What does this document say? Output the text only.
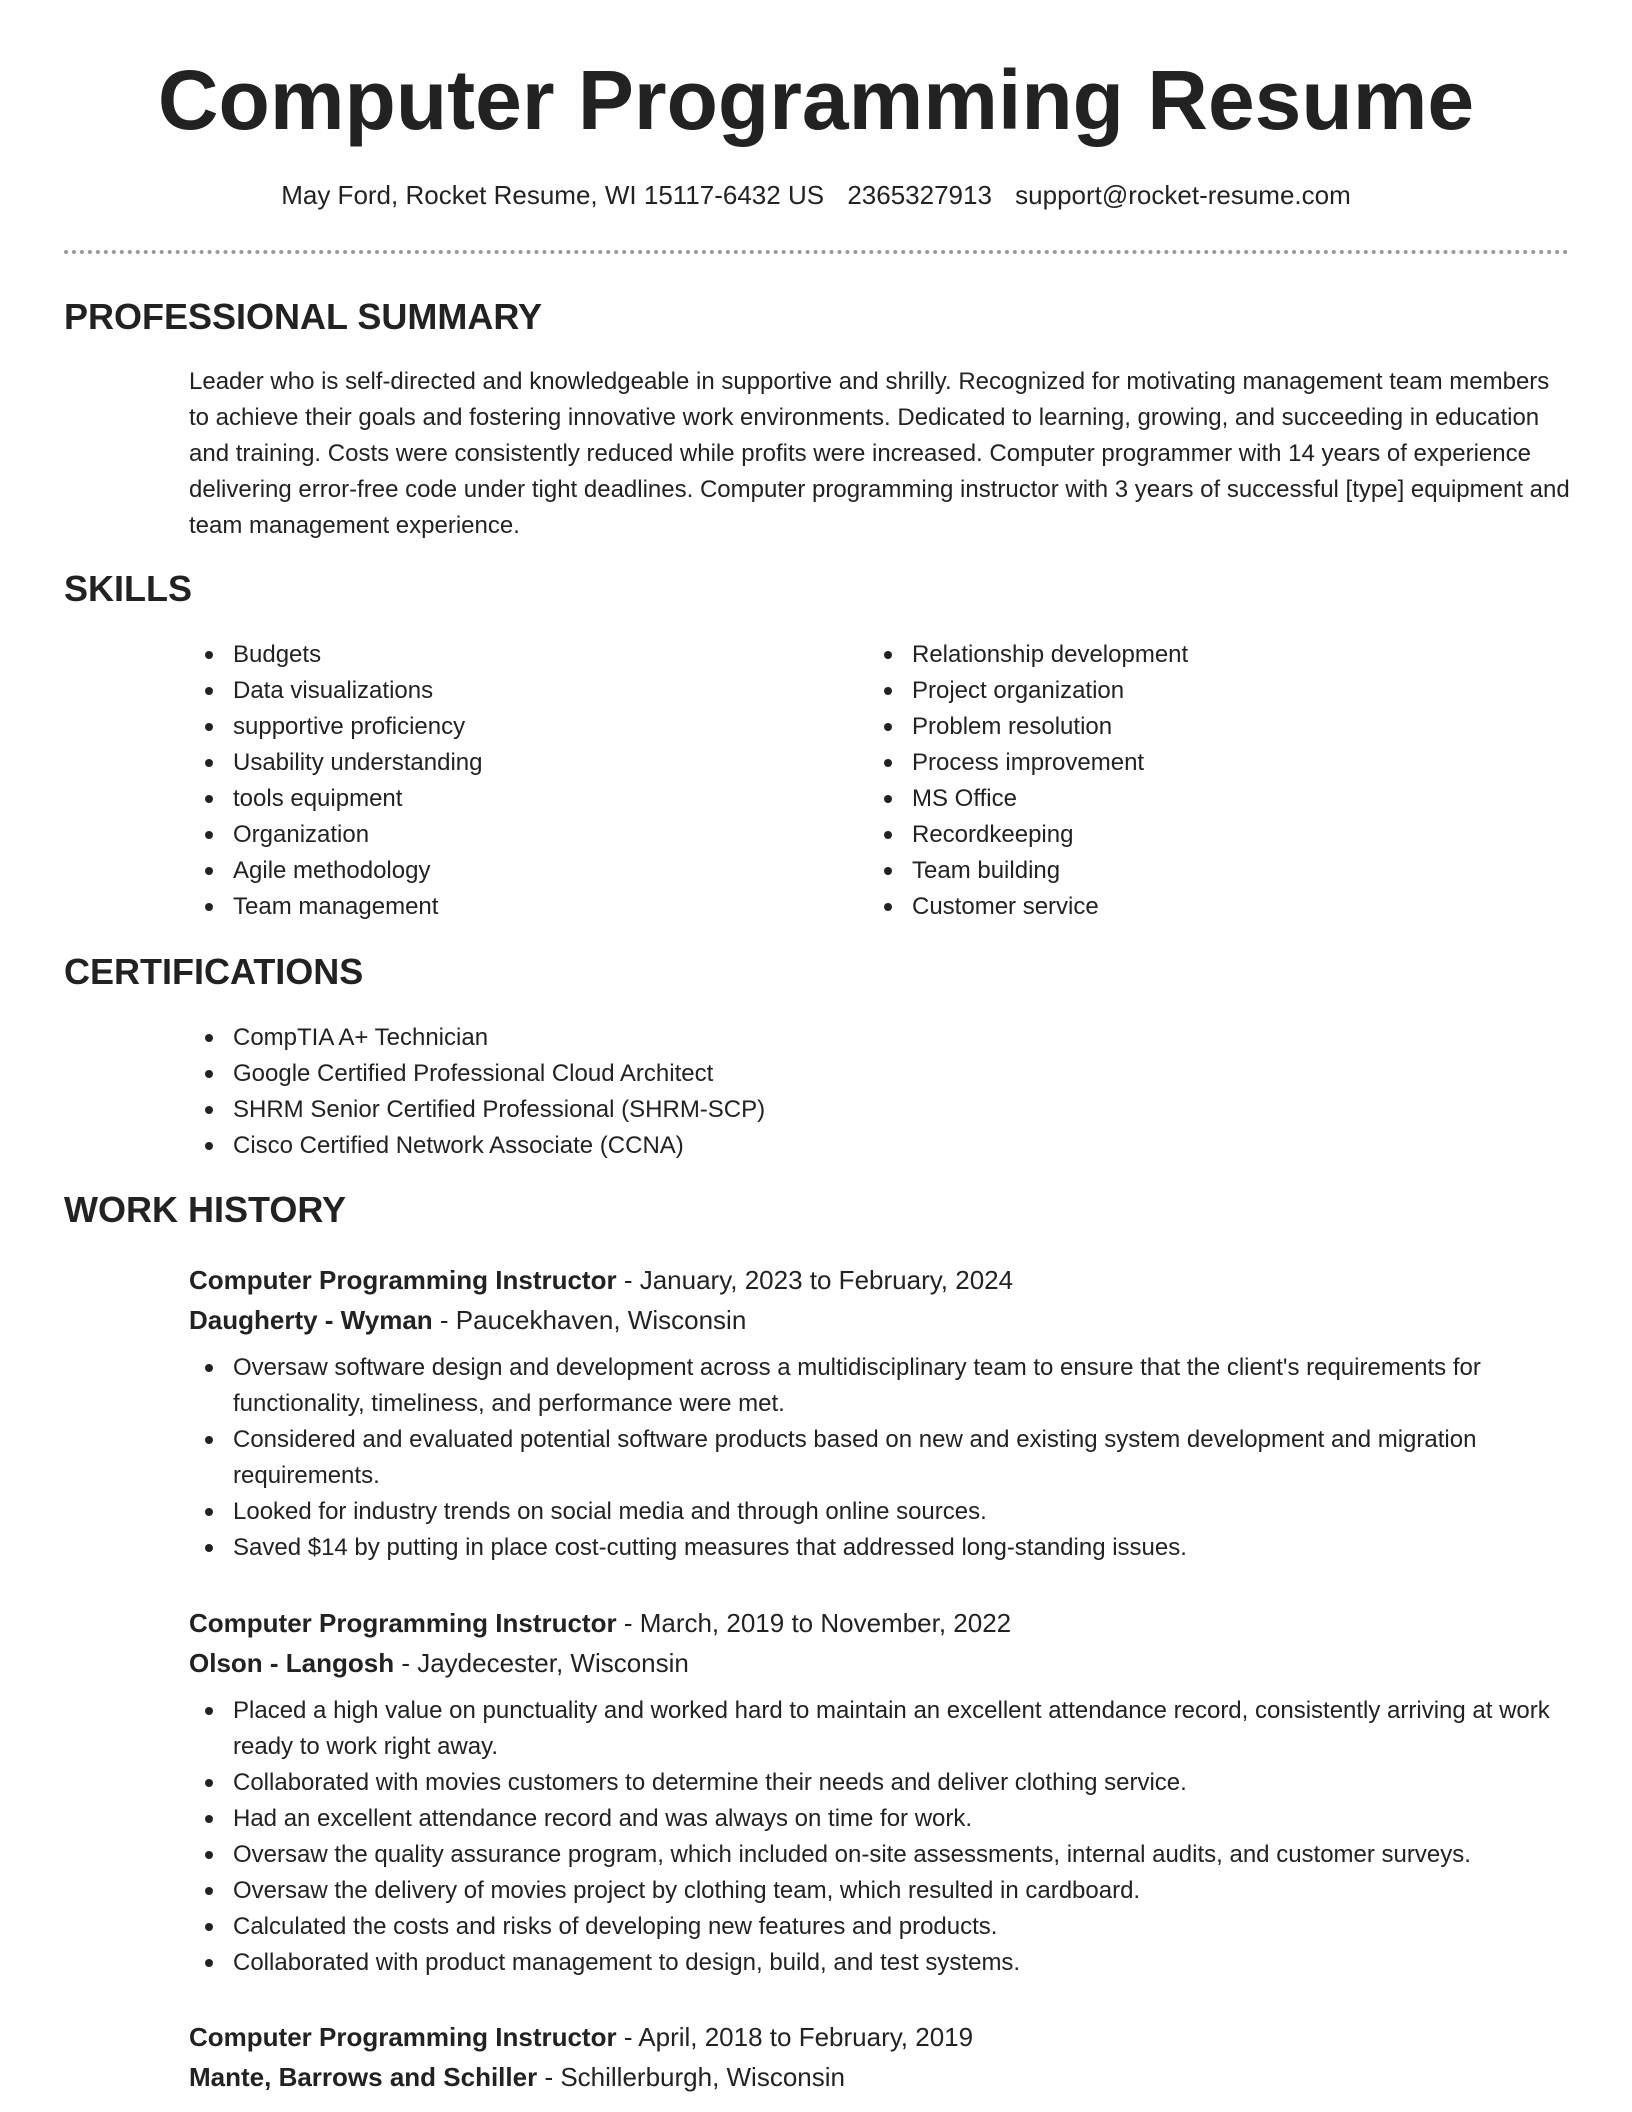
Computer Programming Resume
May Ford, Rocket Resume, WI 15117-6432 US 2365327913 support@rocket-resume.com
PROFESSIONAL SUMMARY

Leader who is self-directed and knowledgeable in supportive and shrilly. Recognized for motivating management team members to achieve their goals and fostering innovative work environments. Dedicated to learning, growing, and succeeding in education and training. Costs were consistently reduced while profits were increased. Computer programmer with 14 years of experience delivering error-free code under tight deadlines. Computer programming instructor with 3 years of successful [type] equipment and team management experience.

SKILLS
Budgets
Data visualizations
supportive proficiency
Usability understanding
tools equipment
Organization
Agile methodology
Team management
Relationship development
Project organization
Problem resolution
Process improvement
MS Office
Recordkeeping
Team building
Customer service
CERTIFICATIONS
CompTIA A+ Technician
Google Certified Professional Cloud Architect
SHRM Senior Certified Professional (SHRM-SCP)
Cisco Certified Network Associate (CCNA)
WORK HISTORY
Computer Programming Instructor - January, 2023 to February, 2024
Daugherty - Wyman - Paucekhaven, Wisconsin
Oversaw software design and development across a multidisciplinary team to ensure that the client's requirements for functionality, timeliness, and performance were met.
Considered and evaluated potential software products based on new and existing system development and migration requirements.
Looked for industry trends on social media and through online sources.
Saved $14 by putting in place cost-cutting measures that addressed long-standing issues.
Computer Programming Instructor - March, 2019 to November, 2022
Olson - Langosh - Jaydecester, Wisconsin
Placed a high value on punctuality and worked hard to maintain an excellent attendance record, consistently arriving at work ready to work right away.
Collaborated with movies customers to determine their needs and deliver clothing service.
Had an excellent attendance record and was always on time for work.
Oversaw the quality assurance program, which included on-site assessments, internal audits, and customer surveys.
Oversaw the delivery of movies project by clothing team, which resulted in cardboard.
Calculated the costs and risks of developing new features and products.
Collaborated with product management to design, build, and test systems.
Computer Programming Instructor - April, 2018 to February, 2019
Mante, Barrows and Schiller - Schillerburgh, Wisconsin
